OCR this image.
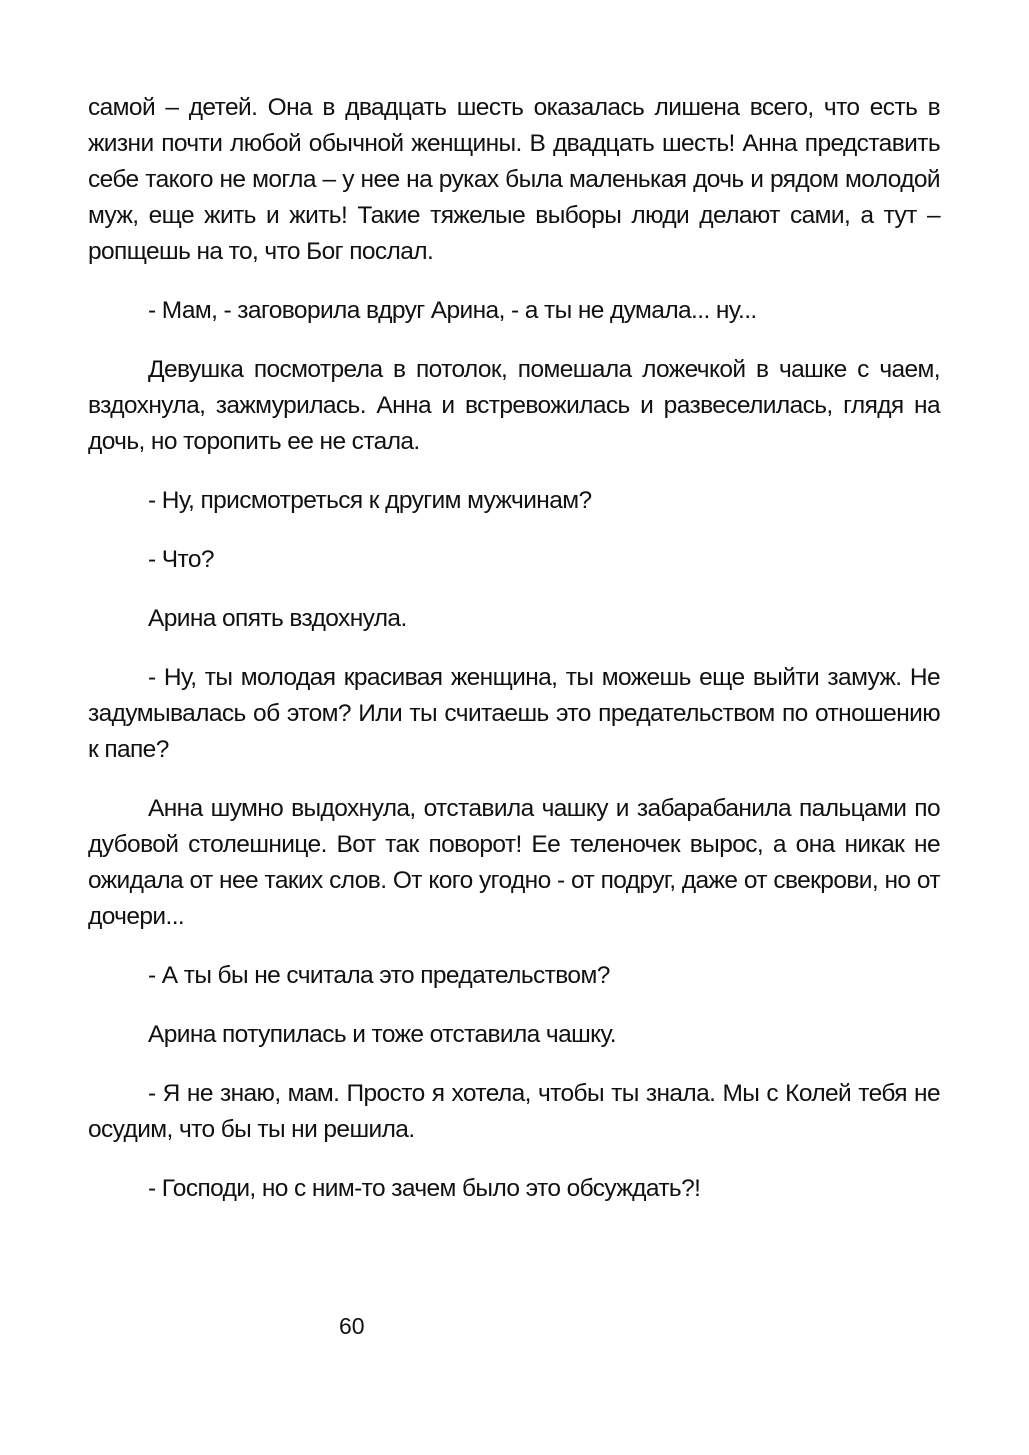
самой – детей. Она в двадцать шесть оказалась лишена всего, что есть в жизни почти любой обычной женщины. В двадцать шесть! Анна представить себе такого не могла – у нее на руках была маленькая дочь и рядом молодой муж, еще жить и жить! Такие тяжелые выборы люди делают сами, а тут – ропщешь на то, что Бог послал.

- Мам, - заговорила вдруг Арина, - а ты не думала... ну...

Девушка посмотрела в потолок, помешала ложечкой в чашке с чаем, вздохнула, зажмурилась. Анна и встревожилась и развеселилась, глядя на дочь, но торопить ее не стала.

- Ну, присмотреться к другим мужчинам?

- Что?

Арина опять вздохнула.

- Ну, ты молодая красивая женщина, ты можешь еще выйти замуж. Не задумывалась об этом? Или ты считаешь это предательством по отношению к папе?

Анна шумно выдохнула, отставила чашку и забарабанила пальцами по дубовой столешнице. Вот так поворот! Ее теленочек вырос, а она никак не ожидала от нее таких слов. От кого угодно - от подруг, даже от свекрови, но от дочери...

- А ты бы не считала это предательством?

Арина потупилась и тоже отставила чашку.

- Я не знаю, мам. Просто я хотела, чтобы ты знала. Мы с Колей тебя не осудим, что бы ты ни решила.

- Господи, но с ним-то зачем было это обсуждать?!

60
